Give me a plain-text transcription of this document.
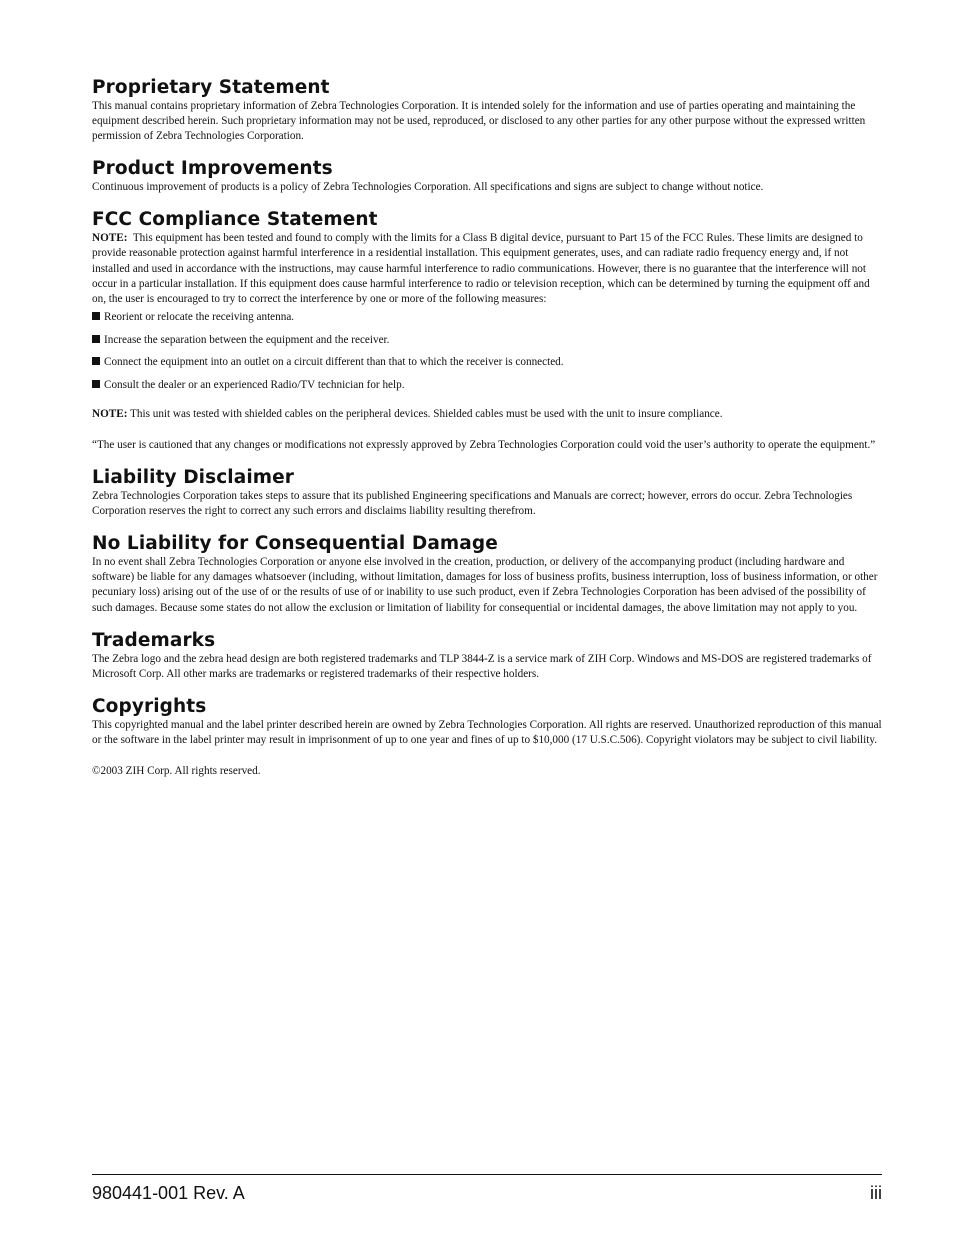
Proprietary Statement

This manual contains proprietary information of Zebra Technologies Corporation. It is intended solely for the information and use of parties operating and maintaining the equipment described herein. Such proprietary information may not be used, reproduced, or disclosed to any other parties for any other purpose without the expressed written permission of Zebra Technologies Corporation.

Product Improvements

Continuous improvement of products is a policy of Zebra Technologies Corporation. All specifications and signs are subject to change without notice.

FCC Compliance Statement

NOTE: This equipment has been tested and found to comply with the limits for a Class B digital device, pursuant to Part 15 of the FCC Rules. These limits are designed to provide reasonable protection against harmful interference in a residential installation. This equipment generates, uses, and can radiate radio frequency energy and, if not installed and used in accordance with the instructions, may cause harmful interference to radio communications. However, there is no guarantee that the interference will not occur in a particular installation. If this equipment does cause harmful interference to radio or television reception, which can be determined by turning the equipment off and on, the user is encouraged to try to correct the interference by one or more of the following measures:

Reorient or relocate the receiving antenna.
Increase the separation between the equipment and the receiver.
Connect the equipment into an outlet on a circuit different than that to which the receiver is connected.
Consult the dealer or an experienced Radio/TV technician for help.

NOTE: This unit was tested with shielded cables on the peripheral devices. Shielded cables must be used with the unit to insure compliance.

“The user is cautioned that any changes or modifications not expressly approved by Zebra Technologies Corporation could void the user’s authority to operate the equipment.”

Liability Disclaimer

Zebra Technologies Corporation takes steps to assure that its published Engineering specifications and Manuals are correct; however, errors do occur. Zebra Technologies Corporation reserves the right to correct any such errors and disclaims liability resulting therefrom.

No Liability for Consequential Damage

In no event shall Zebra Technologies Corporation or anyone else involved in the creation, production, or delivery of the accompanying product (including hardware and software) be liable for any damages whatsoever (including, without limitation, damages for loss of business profits, business interruption, loss of business information, or other pecuniary loss) arising out of the use of or the results of use of or inability to use such product, even if Zebra Technologies Corporation has been advised of the possibility of such damages. Because some states do not allow the exclusion or limitation of liability for consequential or incidental damages, the above limitation may not apply to you.

Trademarks

The Zebra logo and the zebra head design are both registered trademarks and TLP 3844-Z is a service mark of ZIH Corp. Windows and MS-DOS are registered trademarks of Microsoft Corp. All other marks are trademarks or registered trademarks of their respective holders.

Copyrights

This copyrighted manual and the label printer described herein are owned by Zebra Technologies Corporation. All rights are reserved. Unauthorized reproduction of this manual or the software in the label printer may result in imprisonment of up to one year and fines of up to $10,000 (17 U.S.C.506). Copyright violators may be subject to civil liability.

©2003 ZIH Corp. All rights reserved.

980441-001 Rev. A	iii
